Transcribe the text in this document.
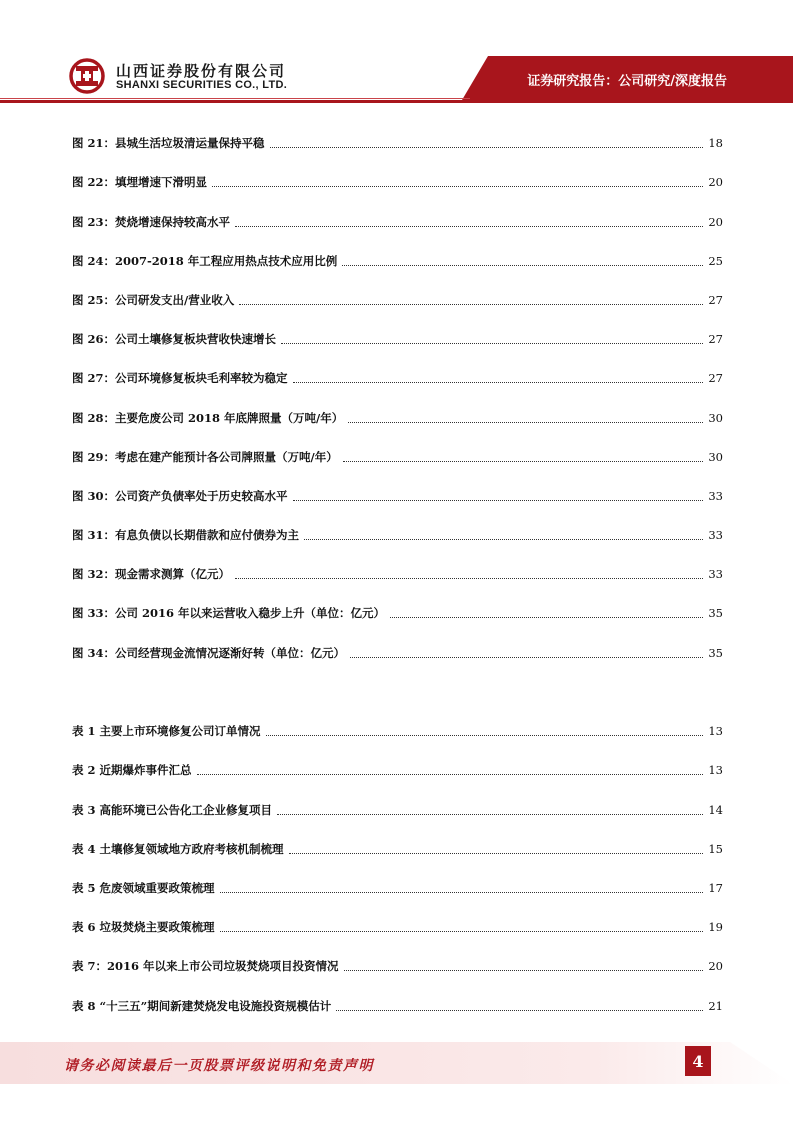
山西证券股份有限公司
SHANXI SECURITIES CO., LTD.	证券研究报告：公司研究/深度报告
图 21：县城生活垃圾清运量保持平稳	18
图 22：填埋增速下滑明显	20
图 23：焚烧增速保持较高水平	20
图 24：2007-2018 年工程应用热点技术应用比例	25
图 25：公司研发支出/营业收入	27
图 26：公司土壤修复板块营收快速增长	27
图 27：公司环境修复板块毛利率较为稳定	27
图 28：主要危废公司 2018 年底牌照量（万吨/年）	30
图 29：考虑在建产能预计各公司牌照量（万吨/年）	30
图 30：公司资产负债率处于历史较高水平	33
图 31：有息负债以长期借款和应付债券为主	33
图 32：现金需求测算（亿元）	33
图 33：公司 2016 年以来运营收入稳步上升（单位：亿元）	35
图 34：公司经营现金流情况逐渐好转（单位：亿元）	35
表 1 主要上市环境修复公司订单情况	13
表 2 近期爆炸事件汇总	13
表 3 高能环境已公告化工企业修复项目	14
表 4 土壤修复领域地方政府考核机制梳理	15
表 5 危废领域重要政策梳理	17
表 6 垃圾焚烧主要政策梳理	19
表 7：2016 年以来上市公司垃圾焚烧项目投资情况	20
表 8 “十三五”期间新建焚烧发电设施投资规模估计	21
请务必阅读最后一页股票评级说明和免责声明	4
